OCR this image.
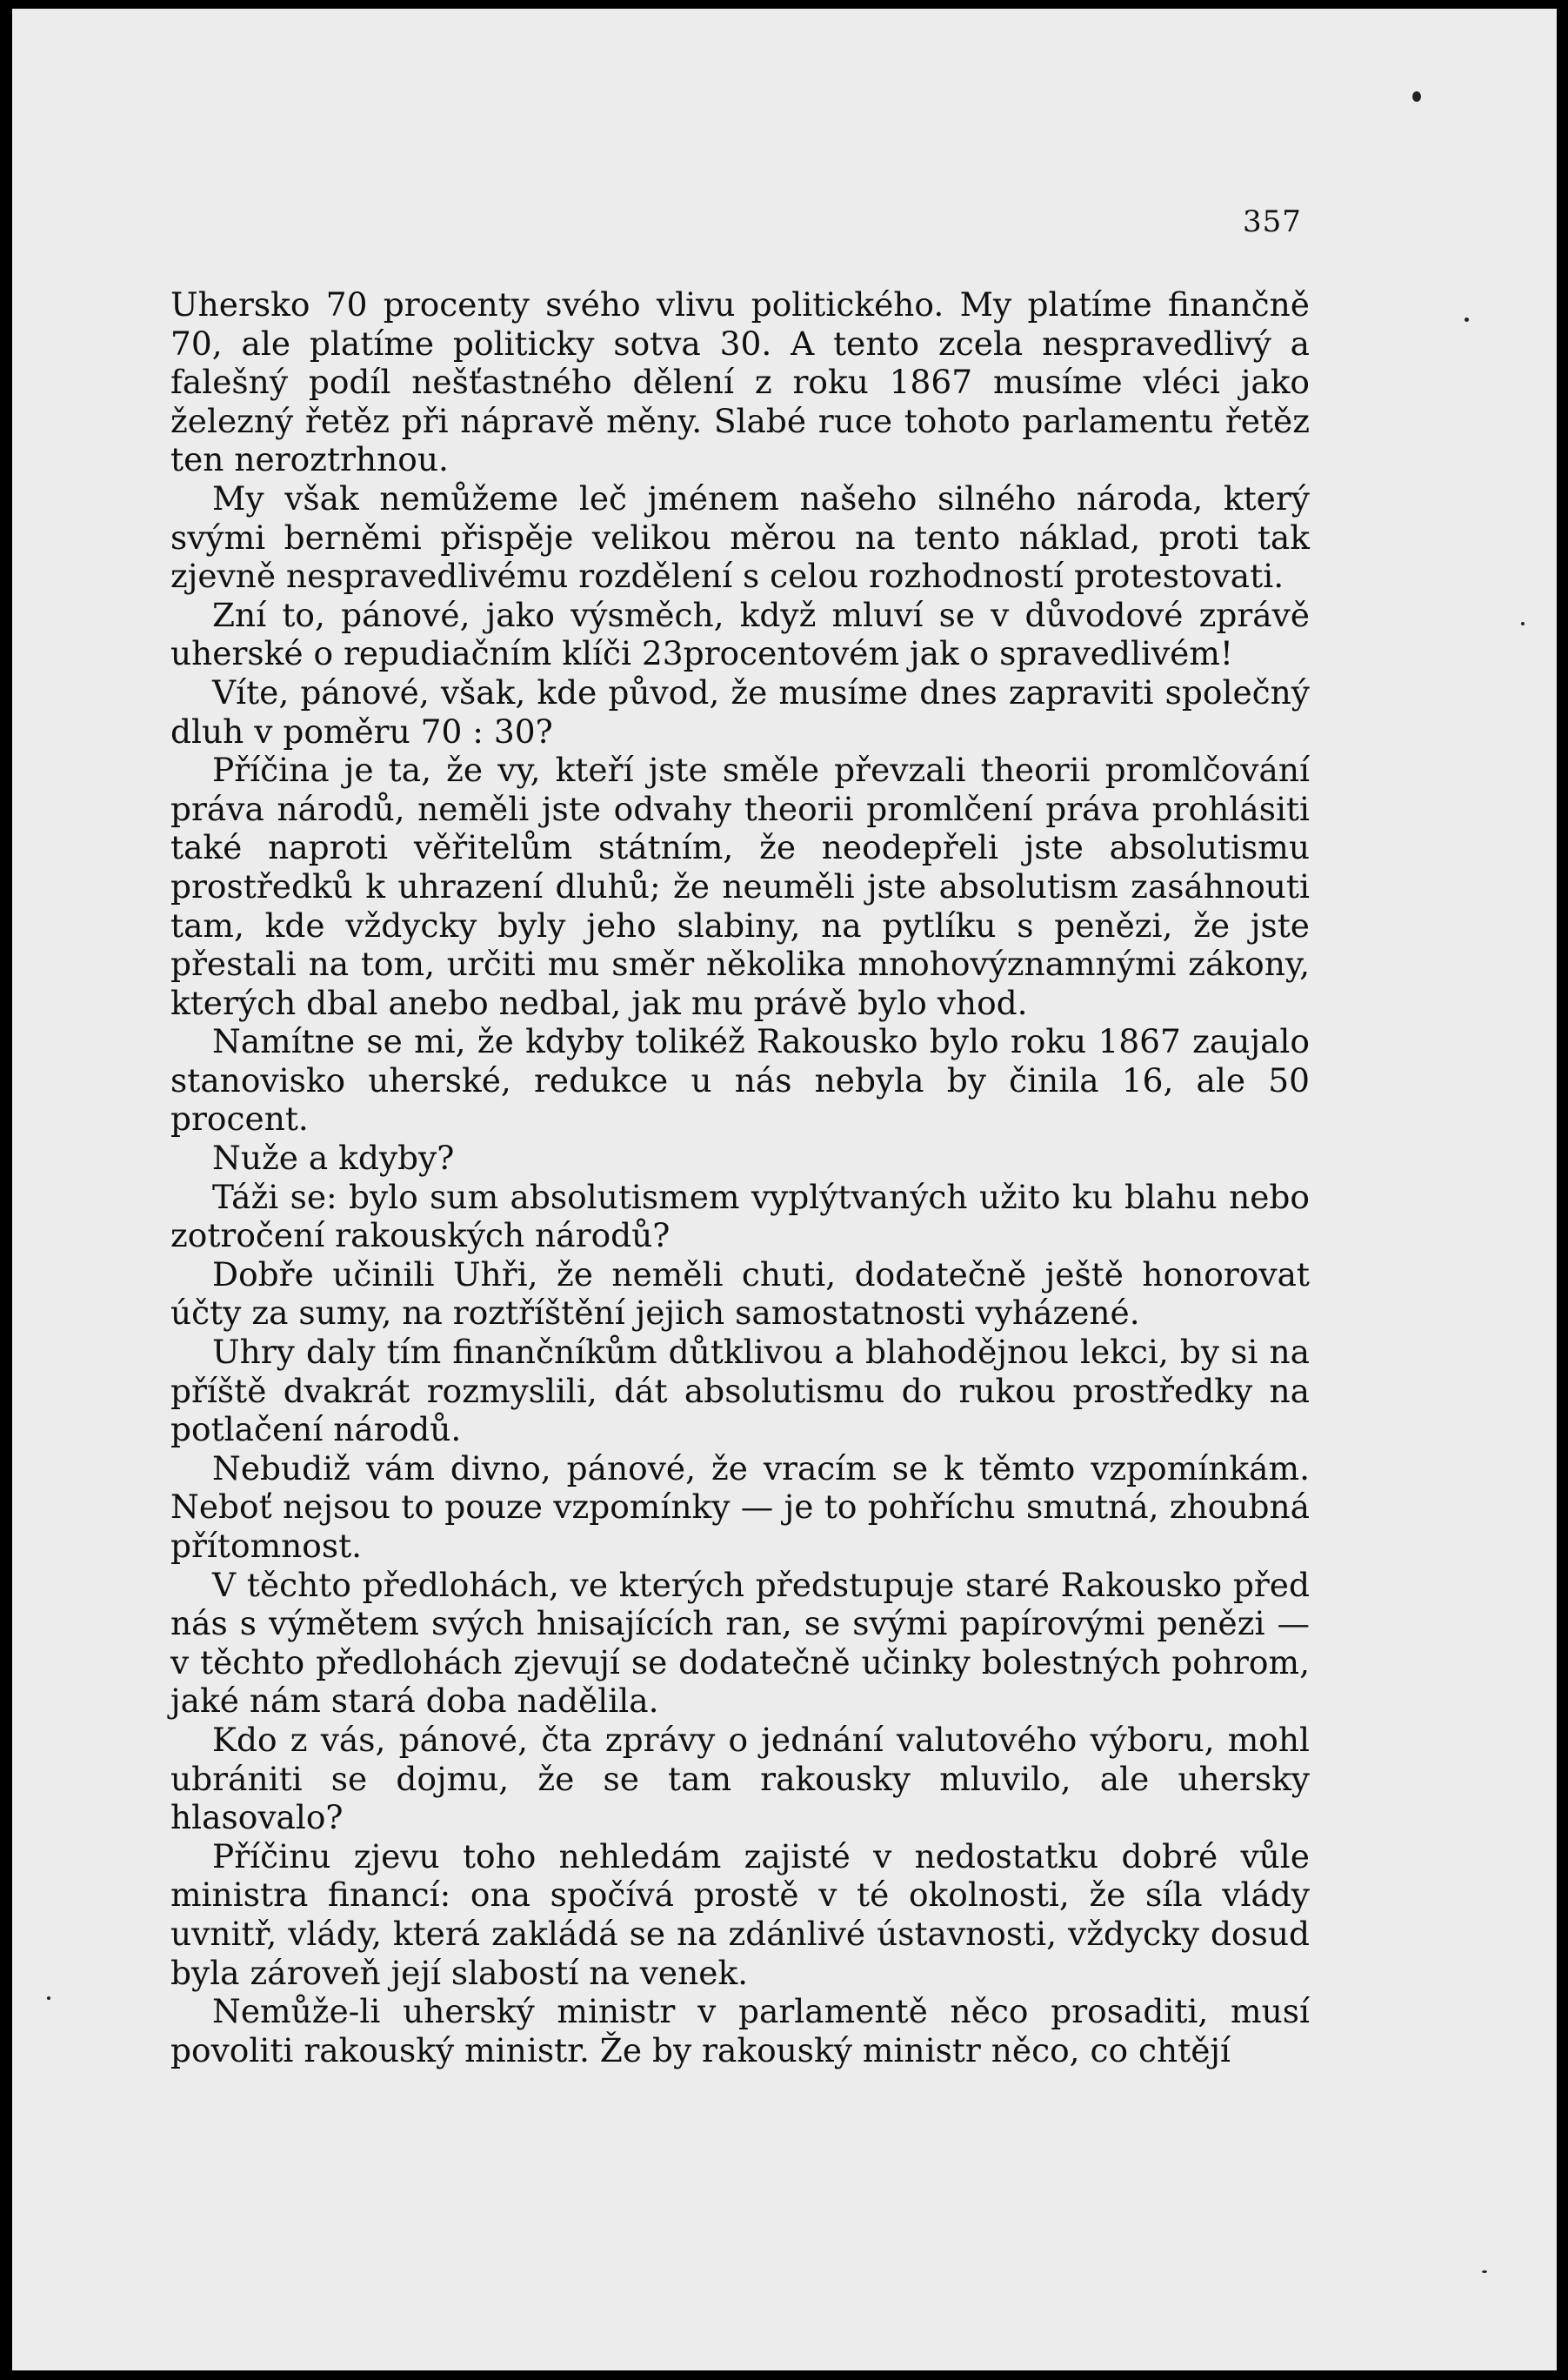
357

Uhersko 70 procenty svého vlivu politického. My platíme finančně 70, ale platíme politicky sotva 30. A tento zcela nespravedlivý a falešný podíl nešťastného dělení z roku 1867 musíme vléci jako železný řetěz při nápravě měny. Slabé ruce tohoto parlamentu řetěz ten neroztrhnou.

My však nemůžeme leč jménem našeho silného národa, který svými berněmi přispěje velikou měrou na tento náklad, proti tak zjevně nespravedlivému rozdělení s celou rozhodností protestovati.

Zní to, pánové, jako výsměch, když mluví se v důvodové zprávě uherské o repudiačním klíči 23procentovém jak o spravedlivém!

Víte, pánové, však, kde původ, že musíme dnes zapraviti společný dluh v poměru 70 : 30?

Příčina je ta, že vy, kteří jste směle převzali theorii promlčování práva národů, neměli jste odvahy theorii promlčení práva prohlásiti také naproti věřitelům státním, že neodepřeli jste absolutismu prostředků k uhrazení dluhů; že neuměli jste absolutism zasáhnouti tam, kde vždycky byly jeho slabiny, na pytlíku s penězi, že jste přestali na tom, určiti mu směr několika mnohovýznamnými zákony, kterých dbal anebo nedbal, jak mu právě bylo vhod.

Namítne se mi, že kdyby tolikéž Rakousko bylo roku 1867 zaujalo stanovisko uherské, redukce u nás nebyla by činila 16, ale 50 procent.

Nuže a kdyby?

Táži se: bylo sum absolutismem vyplýtvaných užito ku blahu nebo zotročení rakouských národů?

Dobře učinili Uhři, že neměli chuti, dodatečně ještě honorovat účty za sumy, na roztříštění jejich samostatnosti vyházené.

Uhry daly tím finančníkům důtklivou a blahodějnou lekci, by si na příště dvakrát rozmyslili, dát absolutismu do rukou prostředky na potlačení národů.

Nebudiž vám divno, pánové, že vracím se k těmto vzpomínkám. Neboť nejsou to pouze vzpomínky — je to pohříchu smutná, zhoubná přítomnost.

V těchto předlohách, ve kterých předstupuje staré Rakousko před nás s výmětem svých hnisajících ran, se svými papírovými penězi — v těchto předlohách zjevují se dodatečně učinky bolestných pohrom, jaké nám stará doba nadělila.

Kdo z vás, pánové, čta zprávy o jednání valutového výboru, mohl ubrániti se dojmu, že se tam rakousky mluvilo, ale uhersky hlasovalo?

Příčinu zjevu toho nehledám zajisté v nedostatku dobré vůle ministra financí: ona spočívá prostě v té okolnosti, že síla vlády uvnitř, vlády, která zakládá se na zdánlivé ústavnosti, vždycky dosud byla zároveň její slabostí na venek.

Nemůže-li uherský ministr v parlamentě něco prosaditi, musí povoliti rakouský ministr. Že by rakouský ministr něco, co chtějí
